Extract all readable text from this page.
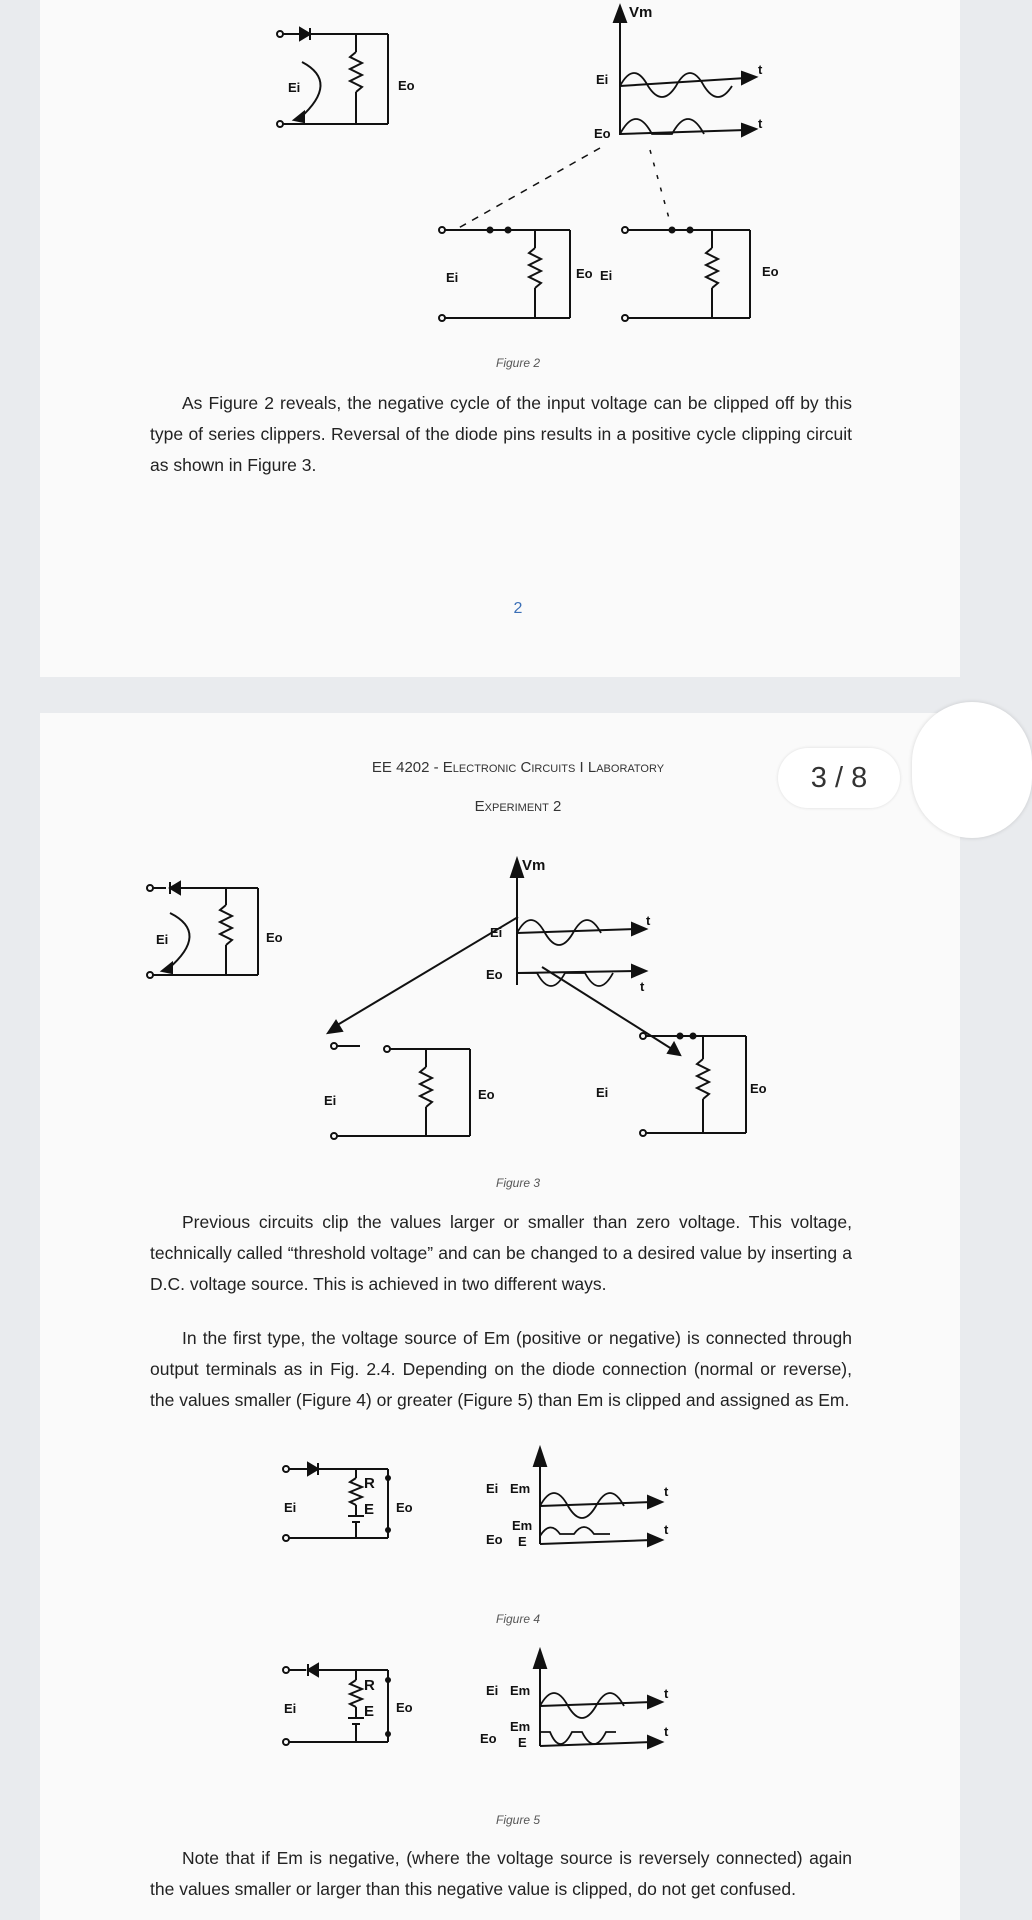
Vm
Ei	Eo	Ei
Eo
t
t
Ei	Eo Ei	Eo
Figure 2

As Figure 2 reveals, the negative cycle of the input voltage can be clipped off by this type of series clippers. Reversal of the diode pins results in a positive cycle clipping circuit as shown in Figure 3.

2
EE 4202 - Electronic Circuits I Laboratory
Experiment 2
Vm
Ei	Eo	Ei
Eo
t
t
Ei	Eo	Ei	Eo
Figure 3

Previous circuits clip the values larger or smaller than zero voltage. This voltage, technically called “threshold voltage” and can be changed to a desired value by inserting a D.C. voltage source. This is achieved in two different ways.

In the first type, the voltage source of Em (positive or negative) is connected through output terminals as in Fig. 2.4. Depending on the diode connection (normal or reverse), the values smaller (Figure 4) or greater (Figure 5) than Em is clipped and assigned as Em.

Ei
R
E Eo
Ei Em
Eo
Em
E
t
t
Figure 4
Ei
R
E Eo
Ei Em
Eo
Em
E
t
t
Figure 5

Note that if Em is negative, (where the voltage source is reversely connected) again the values smaller or larger than this negative value is clipped, do not get confused.

3 / 8
